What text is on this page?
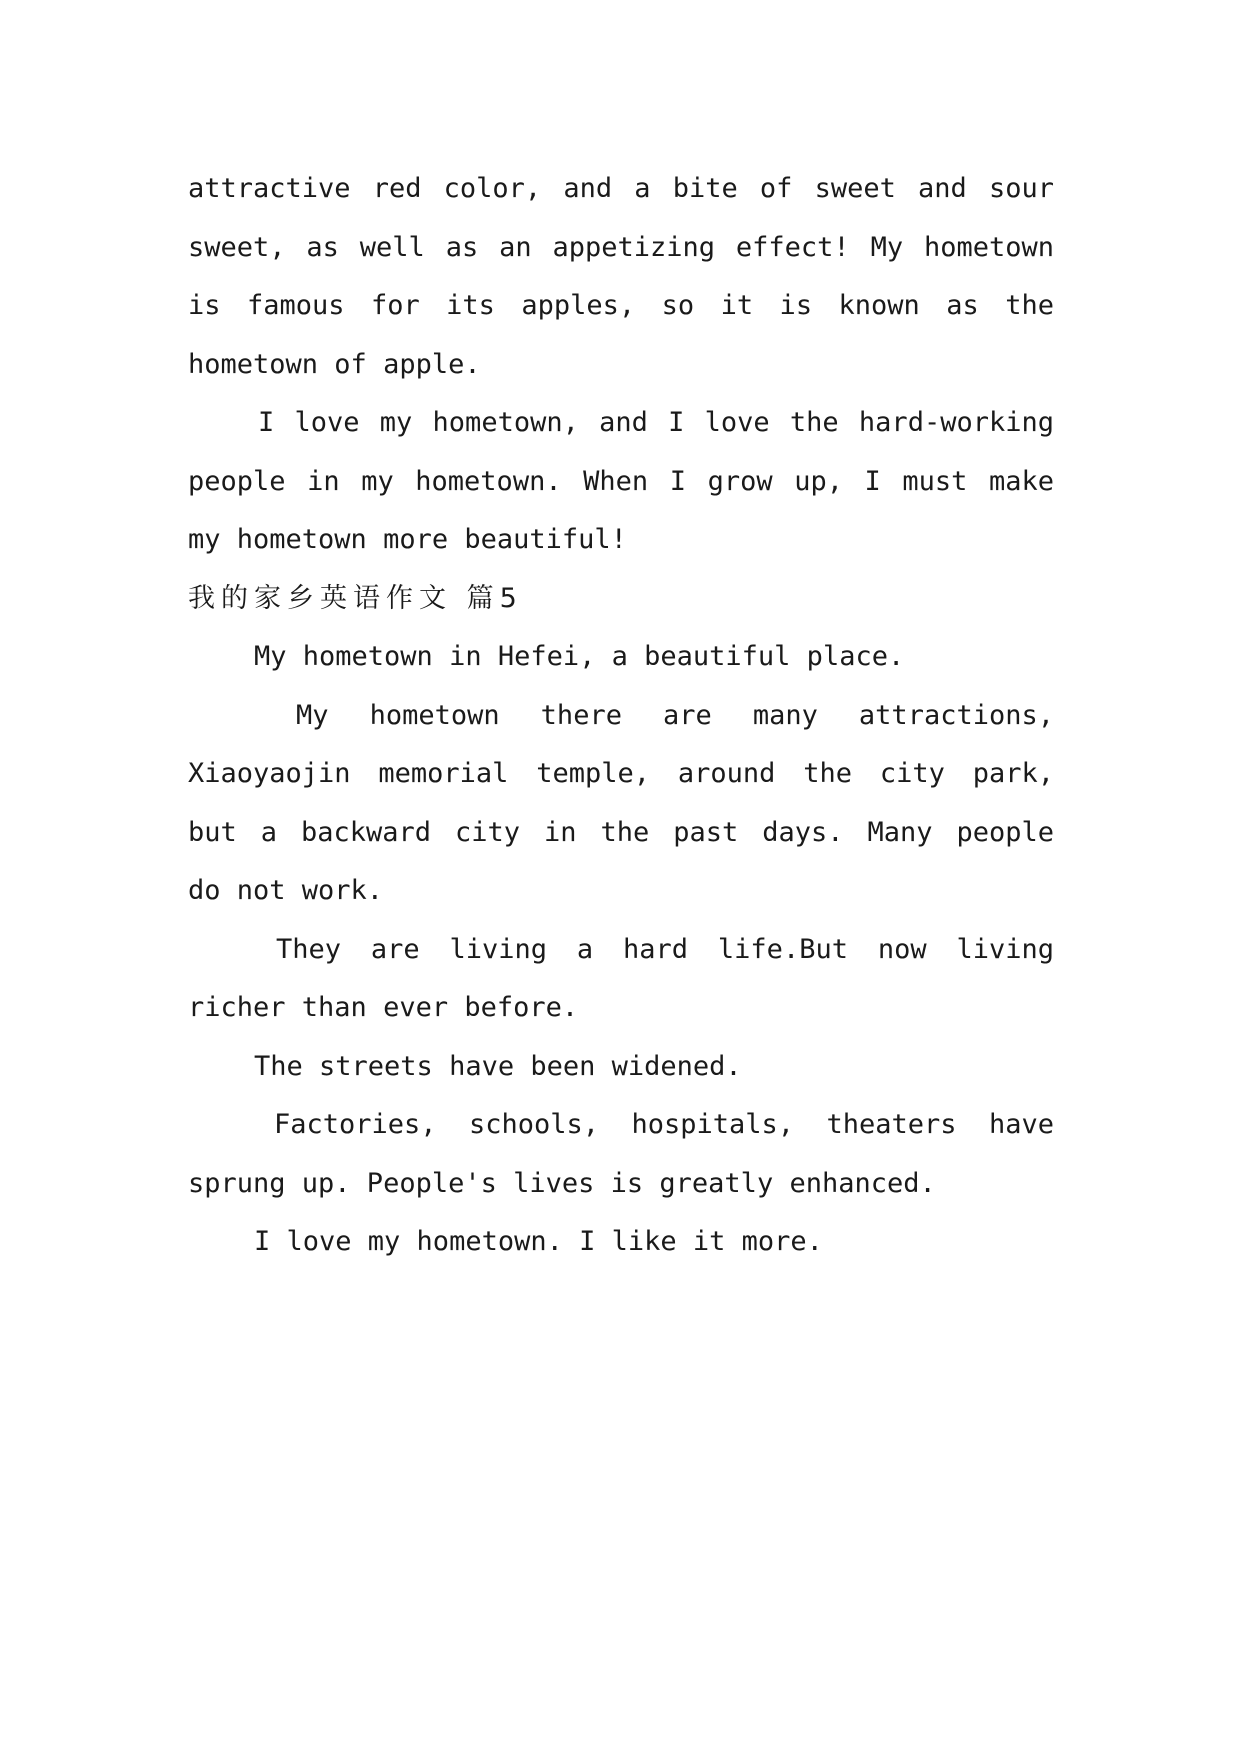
attractive red color, and a bite of sweet and sour
sweet, as well as an appetizing effect! My hometown
is famous for its apples, so it is known as the
hometown of apple.
I love my hometown, and I love the hard-working
people in my hometown. When I grow up, I must make
my hometown more beautiful!
我的家乡英语作文 篇5
My hometown in Hefei, a beautiful place.
My hometown there are many attractions,
Xiaoyaojin memorial temple, around the city park,
but a backward city in the past days. Many people
do not work.
They are living a hard life.But now living
richer than ever before.
The streets have been widened.
Factories, schools, hospitals, theaters have
sprung up. People's lives is greatly enhanced.
I love my hometown. I like it more.
